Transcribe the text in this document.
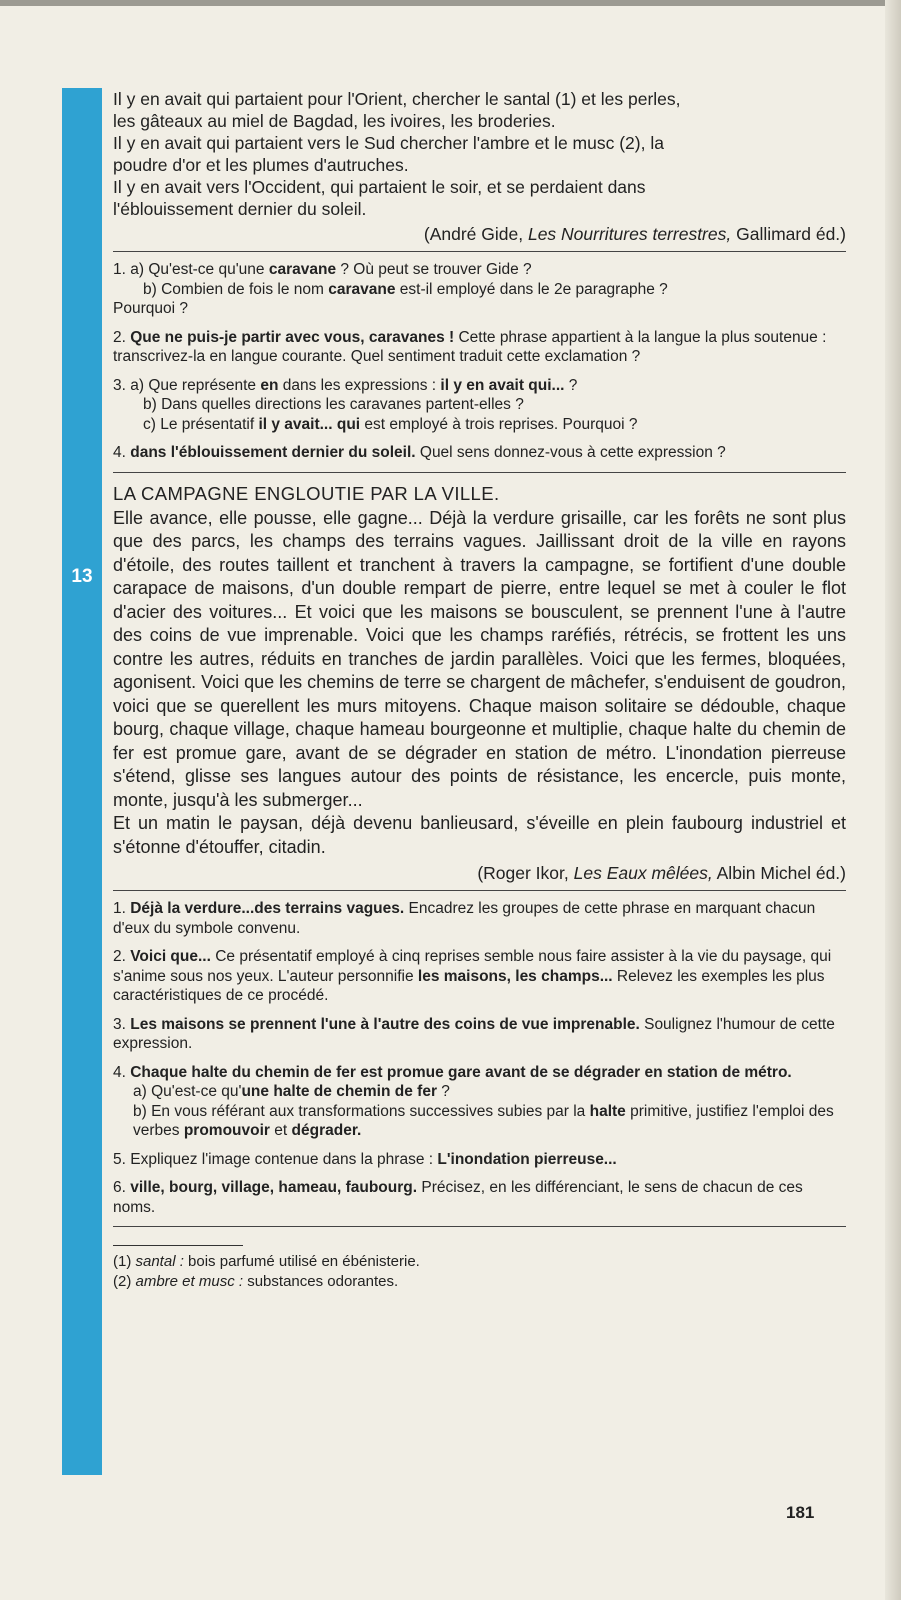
13

Il y en avait qui partaient pour l'Orient, chercher le santal (1) et les perles,

les gâteaux au miel de Bagdad, les ivoires, les broderies.

Il y en avait qui partaient vers le Sud chercher l'ambre et le musc (2), la

poudre d'or et les plumes d'autruches.

Il y en avait vers l'Occident, qui partaient le soir, et se perdaient dans

l'éblouissement dernier du soleil.

(André Gide, Les Nourritures terrestres, Gallimard éd.)

1. a) Qu'est-ce qu'une caravane ? Où peut se trouver Gide ?

b) Combien de fois le nom caravane est-il employé dans le 2e paragraphe ?

Pourquoi ?

2. Que ne puis-je partir avec vous, caravanes ! Cette phrase appartient à la langue la plus soutenue : transcrivez-la en langue courante. Quel sentiment traduit cette exclamation ?

3. a) Que représente en dans les expressions : il y en avait qui... ?

b) Dans quelles directions les caravanes partent-elles ?

c) Le présentatif il y avait... qui est employé à trois reprises. Pourquoi ?

4. dans l'éblouissement dernier du soleil. Quel sens donnez-vous à cette expression ?

LA CAMPAGNE ENGLOUTIE PAR LA VILLE.

Elle avance, elle pousse, elle gagne... Déjà la verdure grisaille, car les forêts ne sont plus que des parcs, les champs des terrains vagues. Jaillissant droit de la ville en rayons d'étoile, des routes taillent et tranchent à travers la campagne, se fortifient d'une double carapace de maisons, d'un double rempart de pierre, entre lequel se met à couler le flot d'acier des voitures... Et voici que les maisons se bousculent, se prennent l'une à l'autre des coins de vue imprenable. Voici que les champs raréfiés, rétrécis, se frottent les uns contre les autres, réduits en tranches de jardin parallèles. Voici que les fermes, bloquées, agonisent. Voici que les chemins de terre se chargent de mâchefer, s'enduisent de goudron, voici que se querellent les murs mitoyens. Chaque maison solitaire se dédouble, chaque bourg, chaque village, chaque hameau bourgeonne et multiplie, chaque halte du chemin de fer est promue gare, avant de se dégrader en station de métro. L'inondation pierreuse s'étend, glisse ses langues autour des points de résistance, les encercle, puis monte, monte, jusqu'à les submerger...

Et un matin le paysan, déjà devenu banlieusard, s'éveille en plein faubourg industriel et s'étonne d'étouffer, citadin.

(Roger Ikor, Les Eaux mêlées, Albin Michel éd.)

1. Déjà la verdure...des terrains vagues. Encadrez les groupes de cette phrase en marquant chacun d'eux du symbole convenu.

2. Voici que... Ce présentatif employé à cinq reprises semble nous faire assister à la vie du paysage, qui s'anime sous nos yeux. L'auteur personnifie les maisons, les champs... Relevez les exemples les plus caractéristiques de ce procédé.

3. Les maisons se prennent l'une à l'autre des coins de vue imprenable. Soulignez l'humour de cette expression.

4. Chaque halte du chemin de fer est promue gare avant de se dégrader en station de métro.

a) Qu'est-ce qu'une halte de chemin de fer ?

b) En vous référant aux transformations successives subies par la halte primitive, justifiez l'emploi des verbes promouvoir et dégrader.

5. Expliquez l'image contenue dans la phrase : L'inondation pierreuse...

6. ville, bourg, village, hameau, faubourg. Précisez, en les différenciant, le sens de chacun de ces noms.

(1) santal : bois parfumé utilisé en ébénisterie.

(2) ambre et musc : substances odorantes.

181
